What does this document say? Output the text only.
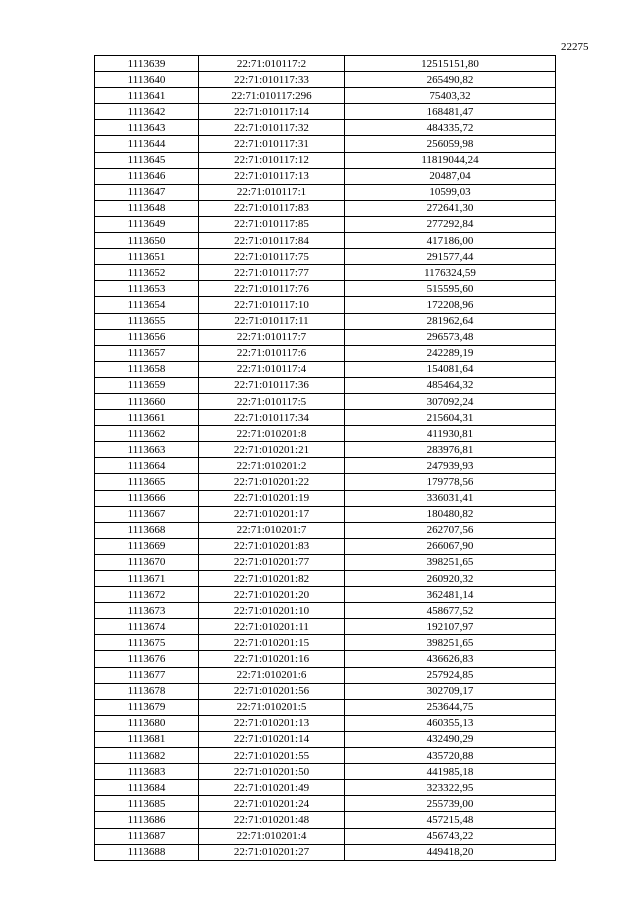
22275
1113639	22:71:010117:2	12515151,80
1113640	22:71:010117:33	265490,82
1113641	22:71:010117:296	75403,32
1113642	22:71:010117:14	168481,47
1113643	22:71:010117:32	484335,72
1113644	22:71:010117:31	256059,98
1113645	22:71:010117:12	11819044,24
1113646	22:71:010117:13	20487,04
1113647	22:71:010117:1	10599,03
1113648	22:71:010117:83	272641,30
1113649	22:71:010117:85	277292,84
1113650	22:71:010117:84	417186,00
1113651	22:71:010117:75	291577,44
1113652	22:71:010117:77	1176324,59
1113653	22:71:010117:76	515595,60
1113654	22:71:010117:10	172208,96
1113655	22:71:010117:11	281962,64
1113656	22:71:010117:7	296573,48
1113657	22:71:010117:6	242289,19
1113658	22:71:010117:4	154081,64
1113659	22:71:010117:36	485464,32
1113660	22:71:010117:5	307092,24
1113661	22:71:010117:34	215604,31
1113662	22:71:010201:8	411930,81
1113663	22:71:010201:21	283976,81
1113664	22:71:010201:2	247939,93
1113665	22:71:010201:22	179778,56
1113666	22:71:010201:19	336031,41
1113667	22:71:010201:17	180480,82
1113668	22:71:010201:7	262707,56
1113669	22:71:010201:83	266067,90
1113670	22:71:010201:77	398251,65
1113671	22:71:010201:82	260920,32
1113672	22:71:010201:20	362481,14
1113673	22:71:010201:10	458677,52
1113674	22:71:010201:11	192107,97
1113675	22:71:010201:15	398251,65
1113676	22:71:010201:16	436626,83
1113677	22:71:010201:6	257924,85
1113678	22:71:010201:56	302709,17
1113679	22:71:010201:5	253644,75
1113680	22:71:010201:13	460355,13
1113681	22:71:010201:14	432490,29
1113682	22:71:010201:55	435720,88
1113683	22:71:010201:50	441985,18
1113684	22:71:010201:49	323322,95
1113685	22:71:010201:24	255739,00
1113686	22:71:010201:48	457215,48
1113687	22:71:010201:4	456743,22
1113688	22:71:010201:27	449418,20
